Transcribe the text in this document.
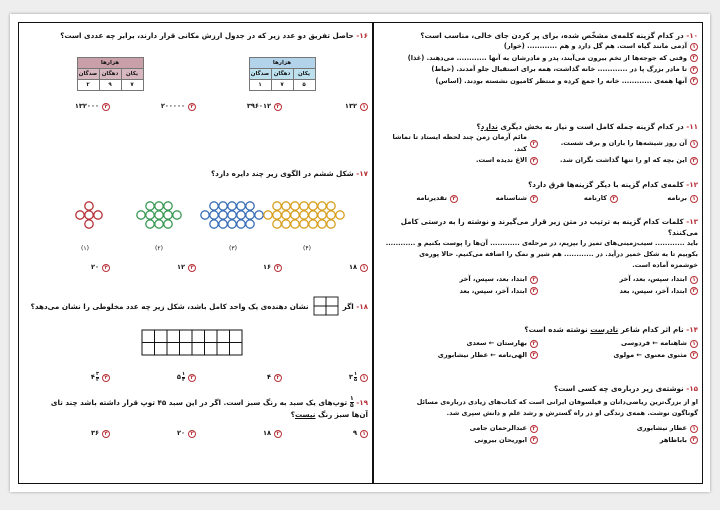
۱۰- در کدام گزینه کلمه‌ی مشخّص شده، برای پر کردن جای خالی، مناسب است؟
۱
آدمی مانند گیاه است. هم گل دارد و هم ............ (خوار)
۲
وقتی که جوجه‌ها از تخم بیرون می‌آیند، پدر و مادرشان به آنها ............ می‌دهند. (غذا)
۳
تا مادر بزرگ پا در ............ خانه گذاشت، همه برای استقبال جلو آمدند. (حیاط)
۴
آنها همه‌ی ............ خانه را جمع کرده و منتظر کامیون نشسته بودند. (اساس)
۱۱- در کدام گزینه جمله کامل است و نیاز به بخش دیگری ندارد؟
۱
آن روز شیشه‌ها را باران و برف شست.
۲
مائم آرمان زمن چند لحظه ایستاد تا تماشا کند.
۳
این بچه که او را تنها گذاشت نگران شد.
۴
الاغ ندیده است.
۱۲- کلمه‌ی کدام گزینه با دیگر گزینه‌ها فرق دارد؟
۱
برنامه
۲
کارنامه
۳
شناسنامه
۴
تقدیرنامه
۱۳- کلمات کدام گزینه به ترتیب در متن زیر قرار می‌گیرند و نوشته را به درستی کامل می‌کنند؟
باید ............ سیب‌زمینی‌های تمیز را بپزیم، در مرحله‌ی ............ آن‌ها را پوست بکنیم و ............
بکوبیم تا به شکل خمیر درآید. در ............ هم شیر و نمک را اضافه می‌کنیم. حالا پوره‌ی
خوشمزه آماده است.
۱
ابتدا، سپس، بعد، آخر
۲
ابتدا، بعد، سپس، آخر
۳
ابتدا، آخر، سپس، بعد
۴
ابتدا، آخر، سپس، بعد
۱۴- نام اثر کدام شاعر نادرست نوشته شده است؟
۱
شاهنامه ← فردوسی
۲
بهارستان ← سعدی
۳
مثنوی معنوی ← مولوی
۴
الهی‌نامه ← عطار نیشابوری
۱۵- نوشته‌ی زیر درباره‌ی چه کسی است؟
او از بزرگ‌ترین ریاضی‌دانان و فیلسوفان ایرانی است که کتاب‌های زیادی درباره‌ی مسائل
گوناگون نوشت. همه‌ی زندگی او در راه گسترش و رشد علم و دانش سپری شد.
۱
عطار نیشابوری
۲
عبدالرحمان جامی
۳
باباطاهر
۴
ابوریحان بیرونی
۱۶- حاصل تفریق دو عدد زیر که در جدول ارزش مکانی قرار دارند، برابر چه عددی است؟
هزارها		
یکان	دهگان	صدگان
۵	۷	۱
هزارها		
یکان	دهگان	صدگان
۷	۹	۲
۱
۱۳۲
۲
۳۹۶۰۱۲
۳
۲۰۰۰۰۰
۴
۱۳۲۰۰۰
۱۷- شکل ششم در الگوی زیر چند دایره دارد؟
(۱)	(۲)	(۳)	(۴)
۱
۱۸
۲
۱۶
۳
۱۲
۴
۲۰
۱۸
-
اگر
نشان دهنده‌ی یک واحد کامل باشد، شکل زیر چه عدد مخلوطی را نشان می‌دهد؟
۱
۳ ۱
۵
۲
۴
۳
۵ ۱
۳
۴
۴ ۳
۲
۱۹
-
۱
۵
توپ‌های یک سبد به رنگ سبز است. اگر در این سبد ۴۵ توپ قرار داشته باشد چند تای
آن‌ها سبز رنگ نیست؟
۱
۹
۲
۱۸
۳
۲۰
۴
۳۶
